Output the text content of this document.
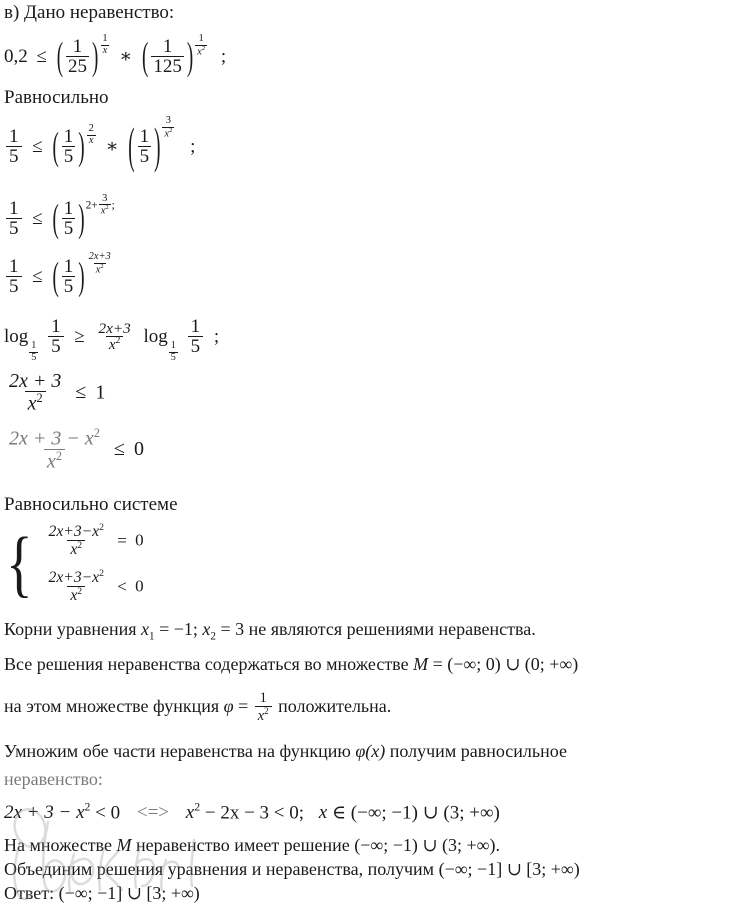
в) Дано неравенство:
0,2 ≤ ( $\frac{1}{25}$ ) $\frac{1}{x}$
∗ ( $\frac{1}{125}$ ) $\frac{1}{x^2}$ ;
Равносильно
$\frac{1}{5}$ ≤ ( $\frac{1}{5}$ ) $\frac{2}{x}$
∗ ( $\frac{1}{5}$ ) $\frac{3}{x^2}$
;
$\frac{1}{5}$ ≤ ( $\frac{1}{5}$ ) $2+ \frac{3}{x^2}$ ;
$\frac{1}{5}$ ≤ ( $\frac{1}{5}$ ) $\frac{2x+3}{x^2}$
log
$\frac{1}{5}$
$\frac{1}{5} \ge \frac{2x+3}{x^2}$ log
$\frac{1}{5}$
$\frac{1}{5}$ ;
$\frac{2x + 3}{x^2} \le 1$
$\frac{2x + 3 - x^2}{x^2} \le 0$
Равносильно системе
{ $\frac{2x+3-x^2}{x^2} = 0$
$\frac{2x+3-x^2}{x^2} < 0$
Корни уравнения $x_1 = -1$; $x_2 = 3$ не являются решениями неравенства.
Все решения неравенства содержаться во множестве M = (−∞; 0) ∪ (0; +∞)
на этом множестве функция $\varphi = \frac{1}{x^2}$ положительна.
Умножим обе части неравенства на функцию φ(x) получим равносильное
неравенство:
$2x + 3 - x^2 < 0$ <=> $x^2 - 2x - 3 < 0$; x ∈ (−∞; −1) ∪ (3; +∞)
На множестве M неравенство имеет решение (−∞; −1) ∪ (3; +∞).
Объединим решения уравнения и неравенства, получим (−∞; −1] ∪ [3; +∞)
Ответ: (−∞; −1] ∪ [3; +∞)
